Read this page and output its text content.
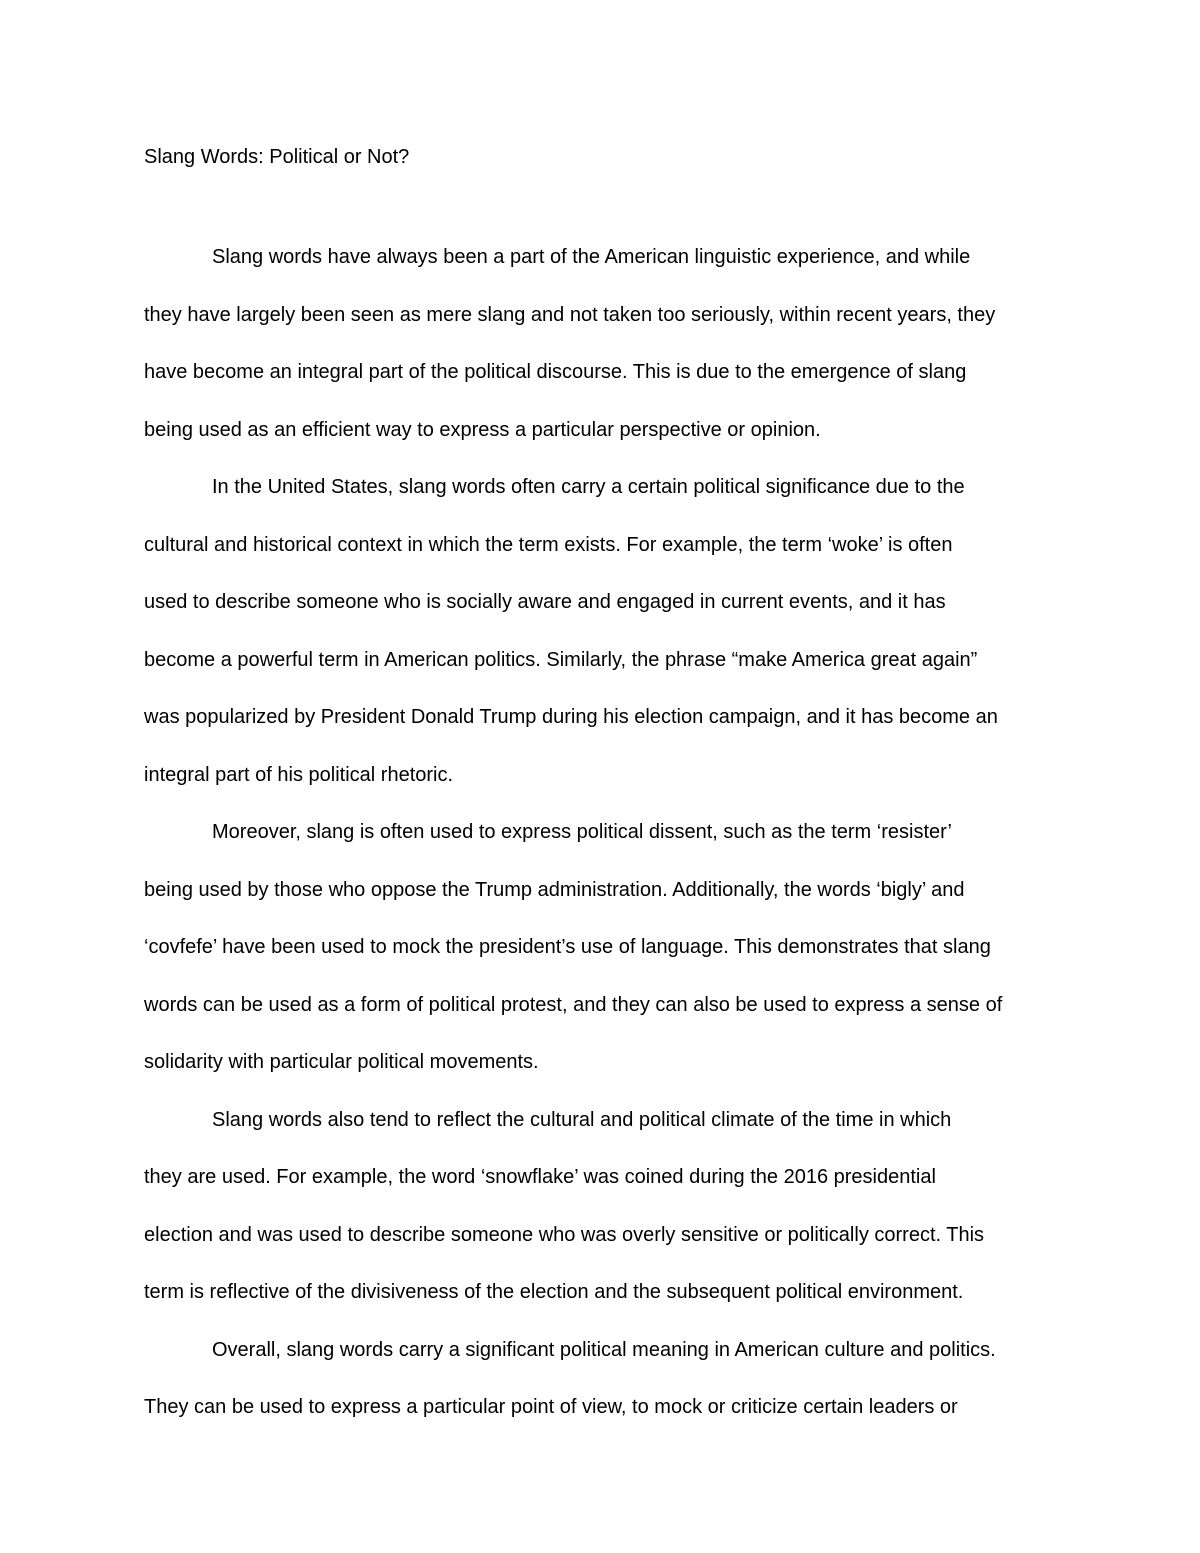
Slang Words: Political or Not?

Slang words have always been a part of the American linguistic experience, and while
they have largely been seen as mere slang and not taken too seriously, within recent years, they
have become an integral part of the political discourse. This is due to the emergence of slang
being used as an efficient way to express a particular perspective or opinion.

In the United States, slang words often carry a certain political significance due to the
cultural and historical context in which the term exists. For example, the term ‘woke’ is often
used to describe someone who is socially aware and engaged in current events, and it has
become a powerful term in American politics. Similarly, the phrase “make America great again”
was popularized by President Donald Trump during his election campaign, and it has become an
integral part of his political rhetoric.

Moreover, slang is often used to express political dissent, such as the term ‘resister’
being used by those who oppose the Trump administration. Additionally, the words ‘bigly’ and
‘covfefe’ have been used to mock the president’s use of language. This demonstrates that slang
words can be used as a form of political protest, and they can also be used to express a sense of
solidarity with particular political movements.

Slang words also tend to reflect the cultural and political climate of the time in which
they are used. For example, the word ‘snowflake’ was coined during the 2016 presidential
election and was used to describe someone who was overly sensitive or politically correct. This
term is reflective of the divisiveness of the election and the subsequent political environment.

Overall, slang words carry a significant political meaning in American culture and politics.
They can be used to express a particular point of view, to mock or criticize certain leaders or
